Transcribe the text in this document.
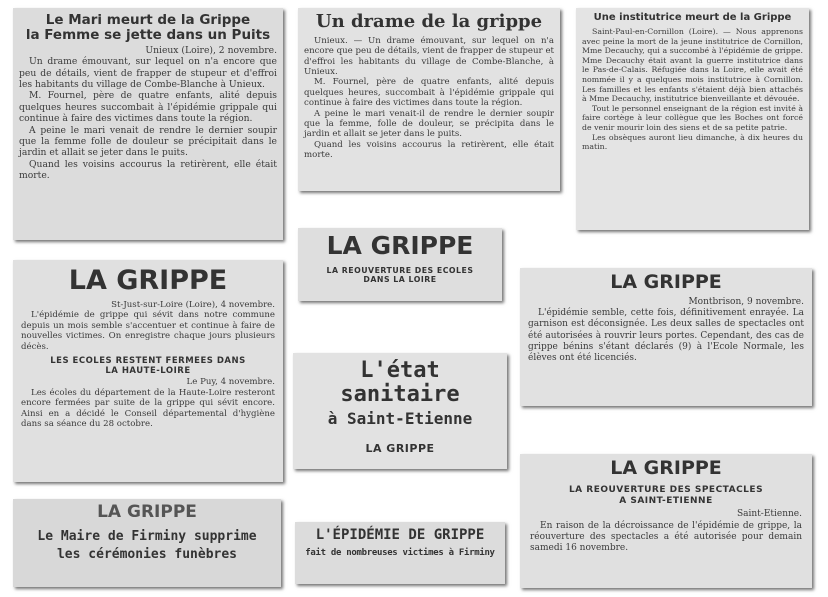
Le Mari meurt de la Grippe

la Femme se jette dans un Puits

Unieux (Loire), 2 novembre.

Un drame émouvant, sur lequel on n'a encore que peu de détails, vient de frapper de stupeur et d'effroi les habitants du village de Combe-Blanche à Unieux.

M. Fournel, père de quatre enfants, alité depuis quelques heures succombait à l'épidémie grippale qui continue à faire des victimes dans toute la région.

A peine le mari venait de rendre le dernier soupir que la femme folle de douleur se précipitait dans le jardin et allait se jeter dans le puits.

Quand les voisins accourus la retirèrent, elle était morte.

Un drame de la grippe

Unieux. — Un drame émouvant, sur lequel on n'a encore que peu de détails, vient de frapper de stupeur et d'effroi les habitants du village de Combe-Blanche, à Unieux.

M. Fournel, père de quatre enfants, alité depuis quelques heures, succombait à l'épidémie grippale qui continue à faire des victimes dans toute la région.

A peine le mari venait-il de rendre le dernier soupir que la femme, folle de douleur, se précipita dans le jardin et allait se jeter dans le puits.

Quand les voisins accourus la retirèrent, elle était morte.

Une institutrice meurt de la Grippe

Saint-Paul-en-Cornillon (Loire). — Nous apprenons avec peine la mort de la jeune institutrice de Cornillon, Mme Decauchy, qui a succombé à l'épidémie de grippe. Mme Decauchy était avant la guerre institutrice dans le Pas-de-Calais. Réfugiée dans la Loire, elle avait été nommée il y a quelques mois institutrice à Cornillon. Les familles et les enfants s'étaient déjà bien attachés à Mme Decauchy, institutrice bienveillante et dévouée.

Tout le personnel enseignant de la région est invité à faire cortège à leur collègue que les Boches ont forcé de venir mourir loin des siens et de sa petite patrie.

Les obsèques auront lieu dimanche, à dix heures du matin.

LA GRIPPE

St-Just-sur-Loire (Loire), 4 novembre.

L'épidémie de grippe qui sévit dans notre commune depuis un mois semble s'accentuer et continue à faire de nouvelles victimes. On enregistre chaque jours plusieurs décès.

LES ECOLES RESTENT FERMEES DANS

LA HAUTE-LOIRE

Le Puy, 4 novembre.

Les écoles du département de la Haute-Loire resteront encore fermées par suite de la grippe qui sévit encore. Ainsi en a décidé le Conseil départemental d'hygiène dans sa séance du 28 octobre.

LA GRIPPE

LA REOUVERTURE DES ECOLES

DANS LA LOIRE	LA GRIPPE

Montbrison, 9 novembre.

L'épidémie semble, cette fois, définitivement enrayée. La garnison est déconsignée. Les deux salles de spectacles ont été autorisées à rouvrir leurs portes. Cependant, des cas de grippe bénins s'étant déclarés (9) à l'Ecole Normale, les élèves ont été licenciés.

L'état sanitaire

à Saint-Etienne

LA GRIPPE

LA GRIPPE

LA REOUVERTURE DES SPECTACLES

A SAINT-ETIENNE

Saint-Etienne.

En raison de la décroissance de l'épidémie de grippe, la réouverture des spectacles a été autorisée pour demain samedi 16 novembre.

LA GRIPPE

Le Maire de Firminy supprime

les cérémonies funèbres

L'ÉPIDÉMIE DE GRIPPE

fait de nombreuses victimes à Firminy
